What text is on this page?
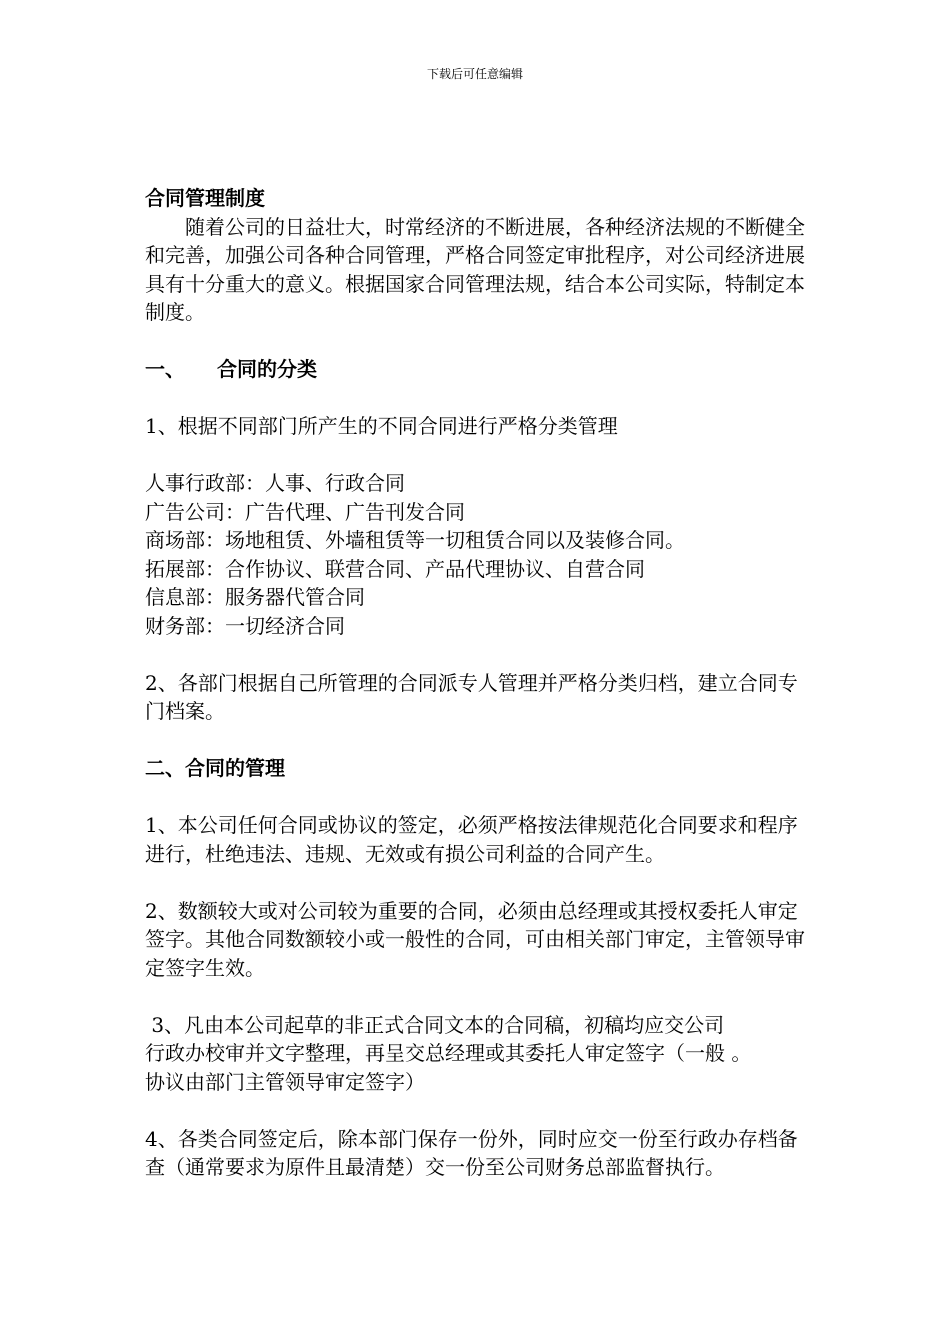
下载后可任意编辑

合同管理制度

随着公司的日益壮大，时常经济的不断进展，各种经济法规的不断健全和完善，加强公司各种合同管理，严格合同签定审批程序，对公司经济进展具有十分重大的意义。根据国家合同管理法规，结合本公司实际，特制定本制度。

一、 合同的分类

1、根据不同部门所产生的不同合同进行严格分类管理

人事行政部：人事、行政合同

广告公司：广告代理、广告刊发合同

商场部：场地租赁、外墙租赁等一切租赁合同以及装修合同。

拓展部：合作协议、联营合同、产品代理协议、自营合同

信息部：服务器代管合同

财务部：一切经济合同

2、各部门根据自己所管理的合同派专人管理并严格分类归档，建立合同专门档案。

二、合同的管理

1、本公司任何合同或协议的签定，必须严格按法律规范化合同要求和程序进行，杜绝违法、违规、无效或有损公司利益的合同产生。

2、数额较大或对公司较为重要的合同，必须由总经理或其授权委托人审定签字。其他合同数额较小或一般性的合同，可由相关部门审定，主管领导审定签字生效。

3、凡由本公司起草的非正式合同文本的合同稿，初稿均应交公司

行政办校审并文字整理，再呈交总经理或其委托人审定签字（一般 。

协议由部门主管领导审定签字）

4、各类合同签定后，除本部门保存一份外，同时应交一份至行政办存档备查（通常要求为原件且最清楚）交一份至公司财务总部监督执行。
